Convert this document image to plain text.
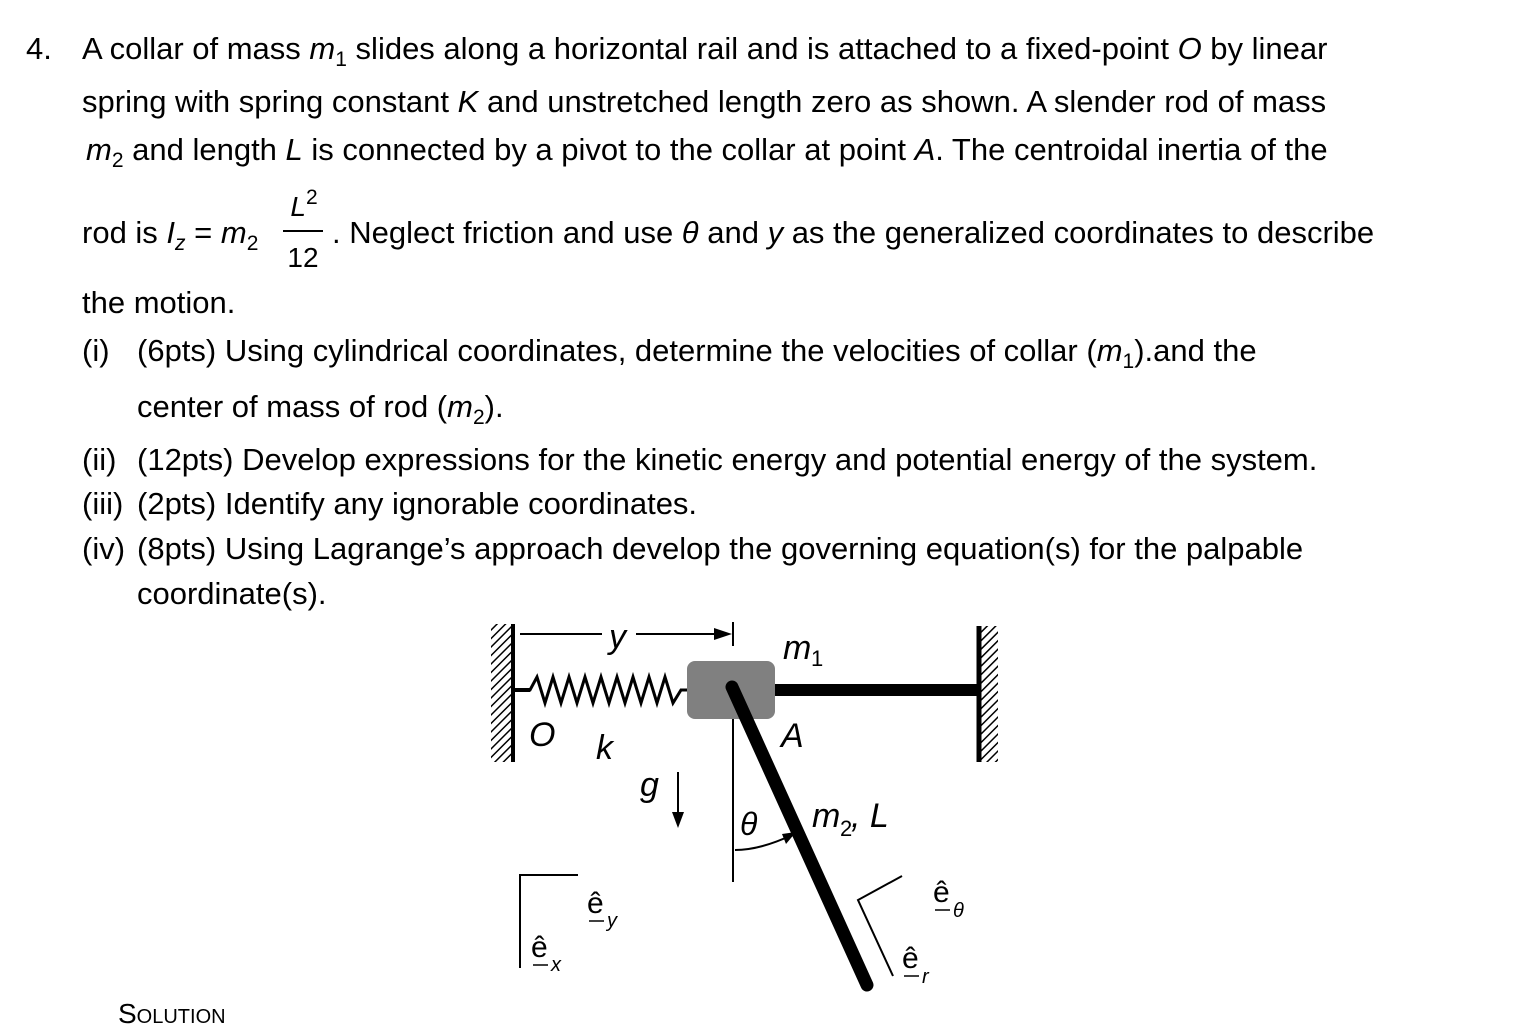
4. A collar of mass $m_1$ slides along a horizontal rail and is attached to a fixed-point O by linear
spring with spring constant K and unstretched length zero as shown. A slender rod of mass
$m_2$ and length L is connected by a pivot to the collar at point A. The centroidal inertia of the
rod is $I_z = m_2$
$L^2$
12
. Neglect friction and use θ and y as the generalized coordinates to describe
the motion.
(i) (6pts) Using cylindrical coordinates, determine the velocities of collar $(m_1).and$ the
center of mass of rod $(m_2)$.
(ii) (12pts) Develop expressions for the kinetic energy and potential energy of the system.
(iii) (2pts) Identify any ignorable coordinates.
(iv) (8pts) Using Lagrange’s approach develop the governing equation(s) for the palpable
coordinate(s).
y
θ
m 1
O k	A
g
m 2
, L
ê
y
ê
x
ê
θ
ê
r
Solution
